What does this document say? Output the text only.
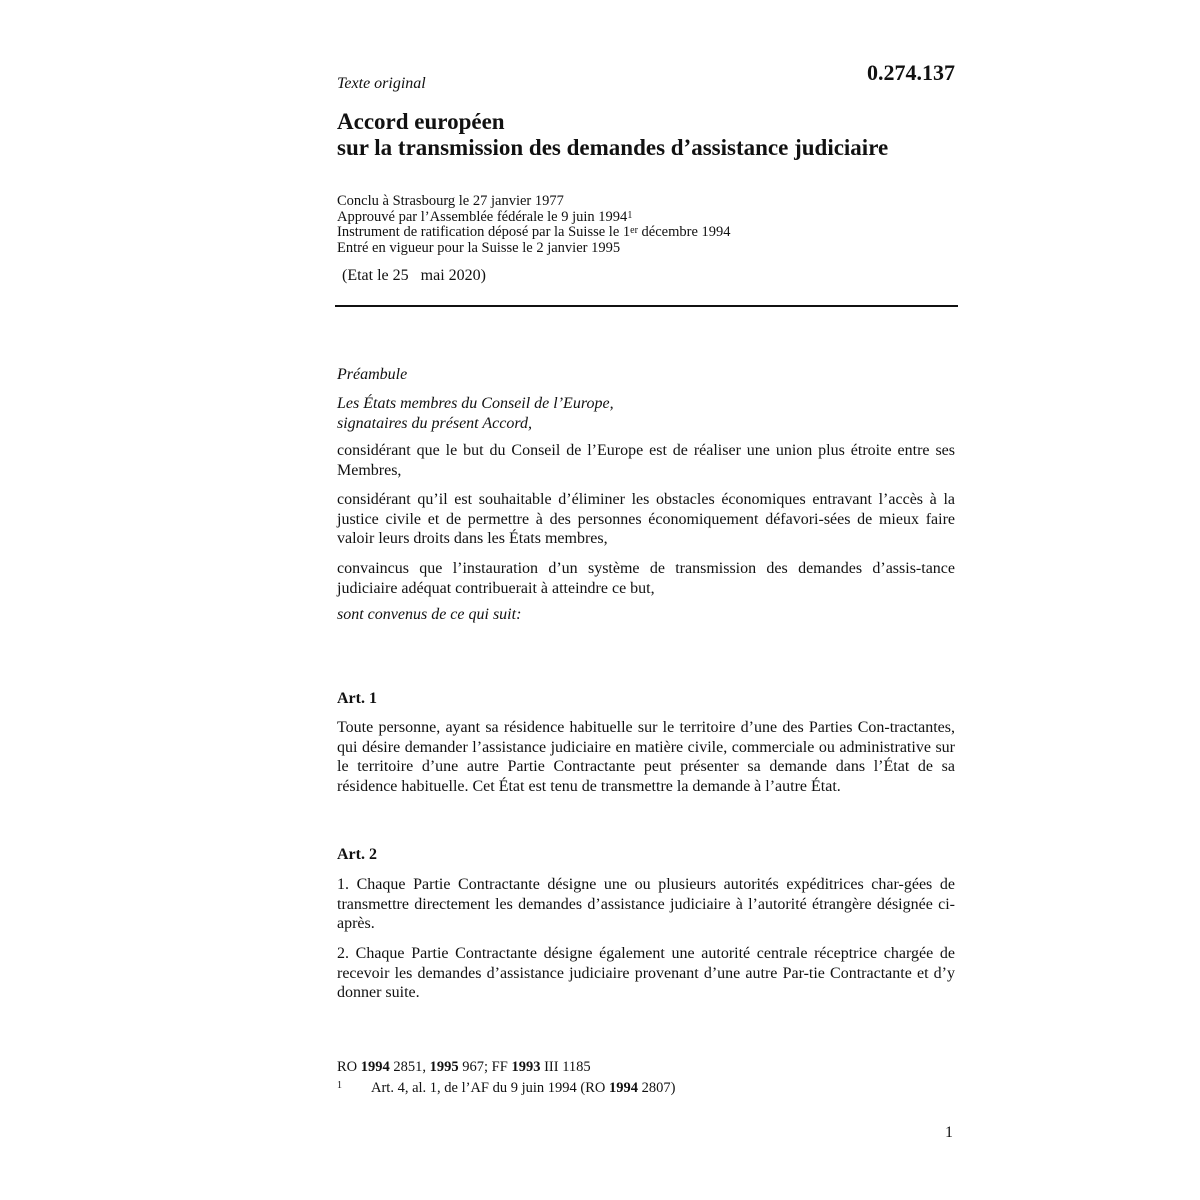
Texte original	0.274.137
Accord européen
sur la transmission des demandes d’assistance judiciaire
Conclu à Strasbourg le 27 janvier 1977
Approuvé par l’Assemblée fédérale le 9 juin 1994$^1$
Instrument de ratification déposé par la Suisse le 1er décembre 1994
Entré en vigueur pour la Suisse le 2 janvier 1995
(Etat le 25   mai 2020)

Préambule

Les États membres du Conseil de l’Europe,
signataires du présent Accord,

considérant que le but du Conseil de l’Europe est de réaliser une union plus étroite entre ses Membres,

considérant qu’il est souhaitable d’éliminer les obstacles économiques entravant l’accès à la justice civile et de permettre à des personnes économiquement défavori-sées de mieux faire valoir leurs droits dans les États membres,

convaincus que l’instauration d’un système de transmission des demandes d’assis-tance judiciaire adéquat contribuerait à atteindre ce but,

sont convenus de ce qui suit:

Art. 1

Toute personne, ayant sa résidence habituelle sur le territoire d’une des Parties Con-tractantes, qui désire demander l’assistance judiciaire en matière civile, commerciale ou administrative sur le territoire d’une autre Partie Contractante peut présenter sa demande dans l’État de sa résidence habituelle. Cet État est tenu de transmettre la demande à l’autre État.

Art. 2

1. Chaque Partie Contractante désigne une ou plusieurs autorités expéditrices char-gées de transmettre directement les demandes d’assistance judiciaire à l’autorité étrangère désignée ci-après.

2. Chaque Partie Contractante désigne également une autorité centrale réceptrice chargée de recevoir les demandes d’assistance judiciaire provenant d’une autre Par-tie Contractante et d’y donner suite.

RO 1994 2851, 1995 967; FF 1993 III 1185
1 Art. 4, al. 1, de l’AF du 9 juin 1994 (RO 1994 2807)
1
